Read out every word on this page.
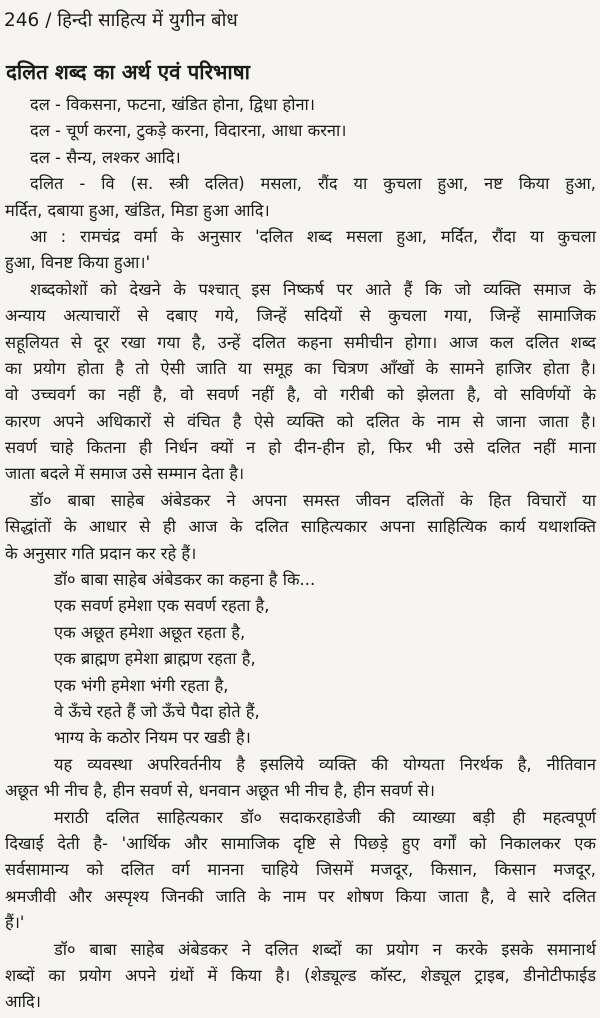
246 / हिन्दी साहित्य में युगीन बोध
दलित शब्द का अर्थ एवं परिभाषा
दल - विकसना, फटना, खंडित होना, द्विधा होना।
दल - चूर्ण करना, टुकड़े करना, विदारना, आधा करना।
दल - सैन्य, लश्कर आदि।
दलित - वि (स. स्त्री दलित) मसला, रौंद या कुचला हुआ, नष्ट किया हुआ,
मर्दित, दबाया हुआ, खंडित, मिडा हुआ आदि।
आ : रामचंद्र वर्मा के अनुसार 'दलित शब्द मसला हुआ, मर्दित, रौंदा या कुचला
हुआ, विनष्ट किया हुआ।'
शब्दकोशों को देखने के पश्चात् इस निष्कर्ष पर आते हैं कि जो व्यक्ति समाज के
अन्याय अत्याचारों से दबाए गये, जिन्हें सदियों से कुचला गया, जिन्हें सामाजिक
सहूलियत से दूर रखा गया है, उन्हें दलित कहना समीचीन होगा। आज कल दलित शब्द
का प्रयोग होता है तो ऐसी जाति या समूह का चित्रण आँखों के सामने हाजिर होता है।
वो उच्चवर्ग का नहीं है, वो सवर्ण नहीं है, वो गरीबी को झेलता है, वो सविर्णयों के
कारण अपने अधिकारों से वंचित है ऐसे व्यक्ति को दलित के नाम से जाना जाता है।
सवर्ण चाहे कितना ही निर्धन क्यों न हो दीन-हीन हो, फिर भी उसे दलित नहीं माना
जाता बदले में समाज उसे सम्मान देता है।
डॉ० बाबा साहेब अंबेडकर ने अपना समस्त जीवन दलितों के हित विचारों या
सिद्धांतों के आधार से ही आज के दलित साहित्यकार अपना साहित्यिक कार्य यथाशक्ति
के अनुसार गति प्रदान कर रहे हैं।
डॉ० बाबा साहेब अंबेडकर का कहना है कि...
एक सवर्ण हमेशा एक सवर्ण रहता है,
एक अछूत हमेशा अछूत रहता है,
एक ब्राह्मण हमेशा ब्राह्मण रहता है,
एक भंगी हमेशा भंगी रहता है,
वे ऊँचे रहते हैं जो ऊँचे पैदा होते हैं,
भाग्य के कठोर नियम पर खडी है।
यह व्यवस्था अपरिवर्तनीय है इसलिये व्यक्ति की योग्यता निरर्थक है, नीतिवान
अछूत भी नीच है, हीन सवर्ण से, धनवान अछूत भी नीच है, हीन सवर्ण से।
मराठी दलित साहित्यकार डॉ० सदाकरहाडेजी की व्याख्या बड़ी ही महत्वपूर्ण
दिखाई देती है- 'आर्थिक और सामाजिक दृष्टि से पिछड़े हुए वर्गों को निकालकर एक
सर्वसामान्य को दलित वर्ग मानना चाहिये जिसमें मजदूर, किसान, किसान मजदूर,
श्रमजीवी और अस्पृश्य जिनकी जाति के नाम पर शोषण किया जाता है, वे सारे दलित
हैं।'
डॉ० बाबा साहेब अंबेडकर ने दलित शब्दों का प्रयोग न करके इसके समानार्थ
शब्दों का प्रयोग अपने ग्रंथों में किया है। (शेड्यूल्ड कॉस्ट, शेड्यूल ट्राइब, डीनोटीफाईड
आदि।
